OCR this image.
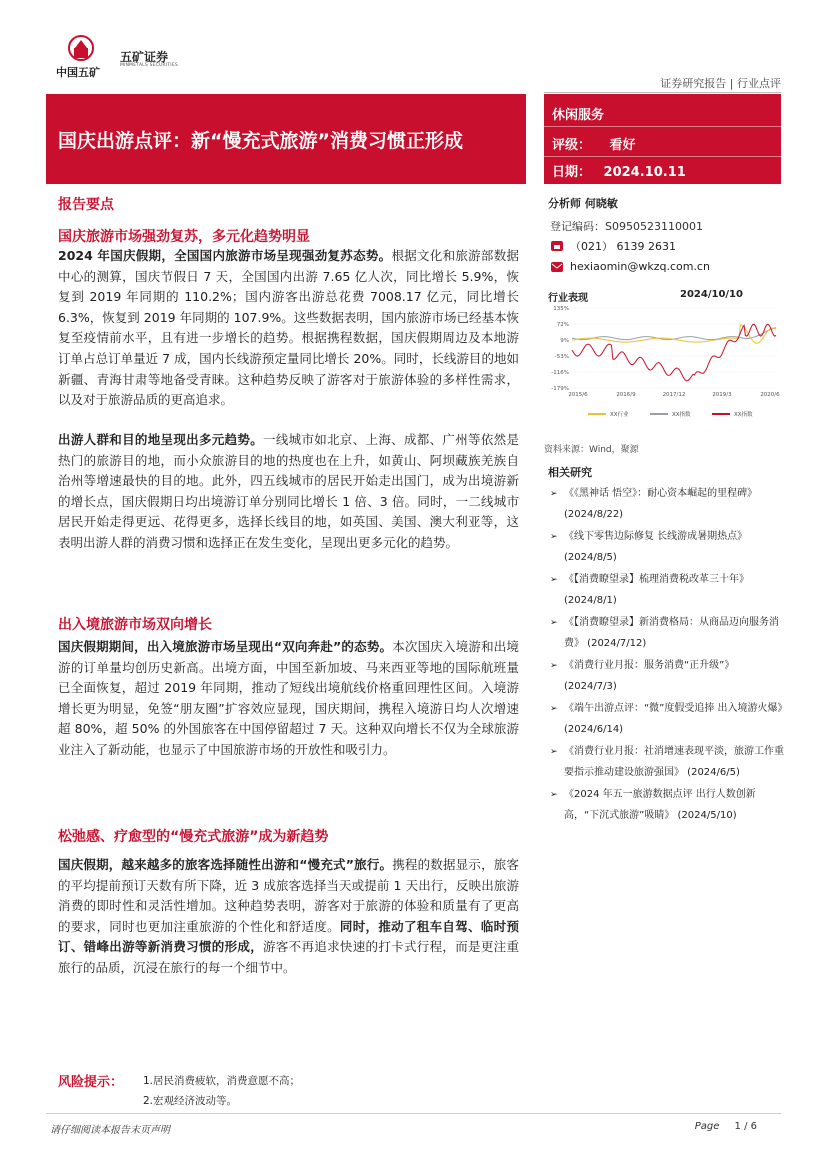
中国五矿
五矿证券
MINMETALS SECURITIES
证券研究报告 | 行业点评
国庆出游点评：新“慢充式旅游”消费习惯正形成
休闲服务
评级： 看好
日期： 2024.10.11
报告要点
国庆旅游市场强劲复苏，多元化趋势明显
2024 年国庆假期，全国国内旅游市场呈现强劲复苏态势。根据文化和旅游部数据中心的测算，国庆节假日 7 天，全国国内出游 7.65 亿人次，同比增长 5.9%，恢复到 2019 年同期的 110.2%；国内游客出游总花费 7008.17 亿元，同比增长 6.3%，恢复到 2019 年同期的 107.9%。这些数据表明，国内旅游市场已经基本恢复至疫情前水平，且有进一步增长的趋势。根据携程数据，国庆假期周边及本地游订单占总订单量近 7 成，国内长线游预定量同比增长 20%。同时，长线游目的地如新疆、青海甘肃等地备受青睐。这种趋势反映了游客对于旅游体验的多样性需求，以及对于旅游品质的更高追求。
出游人群和目的地呈现出多元趋势。一线城市如北京、上海、成都、广州等依然是热门的旅游目的地，而小众旅游目的地的热度也在上升，如黄山、阿坝藏族羌族自治州等增速最快的目的地。此外，四五线城市的居民开始走出国门，成为出境游新的增长点，国庆假期日均出境游订单分别同比增长 1 倍、3 倍。同时，一二线城市居民开始走得更远、花得更多，选择长线目的地，如英国、美国、澳大利亚等，这表明出游人群的消费习惯和选择正在发生变化，呈现出更多元化的趋势。
出入境旅游市场双向增长
国庆假期期间，出入境旅游市场呈现出“双向奔赴”的态势。本次国庆入境游和出境游的订单量均创历史新高。出境方面，中国至新加坡、马来西亚等地的国际航班量已全面恢复，超过 2019 年同期，推动了短线出境航线价格重回理性区间。入境游增长更为明显，免签“朋友圈”扩容效应显现，国庆期间，携程入境游日均人次增速超 80%，超 50% 的外国旅客在中国停留超过 7 天。这种双向增长不仅为全球旅游业注入了新动能，也显示了中国旅游市场的开放性和吸引力。
松弛感、疗愈型的“慢充式旅游”成为新趋势
国庆假期，越来越多的旅客选择随性出游和“慢充式”旅行。携程的数据显示，旅客的平均提前预订天数有所下降，近 3 成旅客选择当天或提前 1 天出行，反映出旅游消费的即时性和灵活性增加。这种趋势表明，游客对于旅游的体验和质量有了更高的要求，同时也更加注重旅游的个性化和舒适度。同时，推动了租车自驾、临时预订、错峰出游等新消费习惯的形成，游客不再追求快速的打卡式行程，而是更注重旅行的品质，沉浸在旅行的每一个细节中。
分析师 何晓敏
登记编码：S0950523110001
（021） 6139 2631
hexiaomin@wkzq.com.cn
行业表现	2024/10/10
135%
72%
9%
-53%
-116%
-179%
2015/6	2016/9	2017/12	2019/3	2020/6
XX行业	XX指数	XX指数
资料来源：Wind，聚源
相关研究
➢ 《《黑神话 悟空》：耐心资本崛起的里程碑》 (2024/8/22)
➢ 《线下零售边际修复 长线游成暑期热点》 (2024/8/5)
➢ 《【消费瞭望录】梳理消费税改革三十年》 (2024/8/1)
➢ 《【消费瞭望录】新消费格局：从商品迈向服务消费》 (2024/7/12)
➢ 《消费行业月报：服务消费“正升级”》 (2024/7/3)
➢ 《端午出游点评：“微”度假受追捧 出入境游火爆》 (2024/6/14)
➢ 《消费行业月报：社消增速表现平淡，旅游工作重要指示推动建设旅游强国》 (2024/6/5)
➢ 《2024 年五一旅游数据点评 出行人数创新高，“下沉式旅游”吸睛》 (2024/5/10)
风险提示： 1.居民消费疲软，消费意愿不高；
2.宏观经济波动等。
请仔细阅读本报告末页声明	Page 1 / 6
